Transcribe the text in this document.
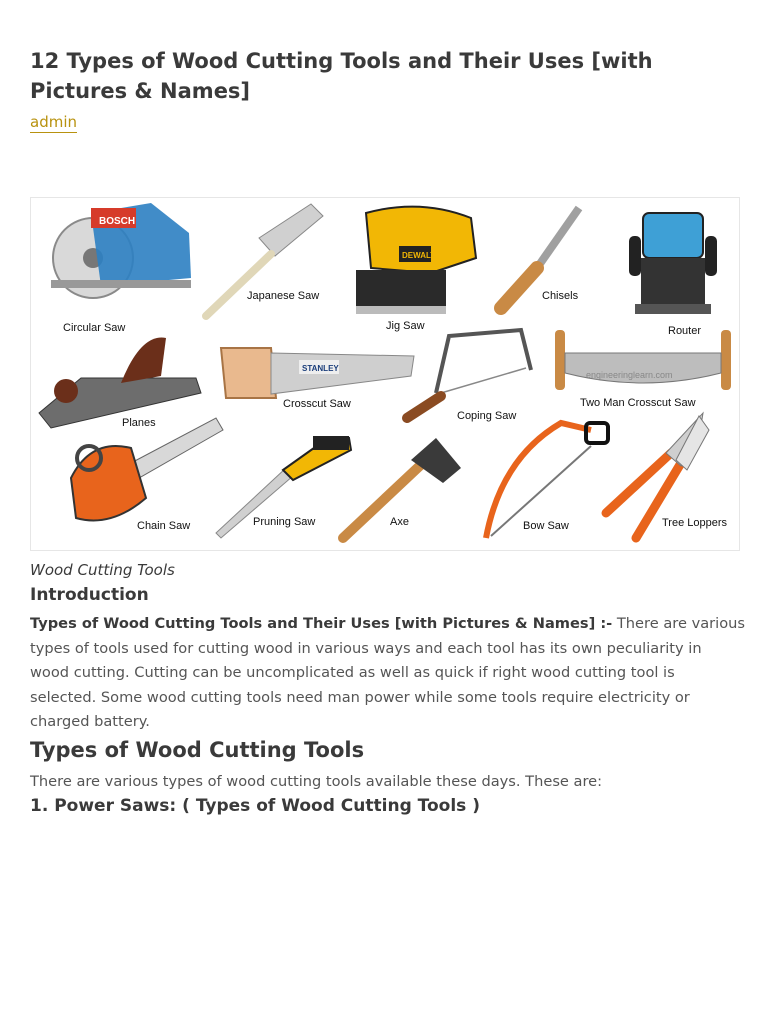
12 Types of Wood Cutting Tools and Their Uses [with Pictures & Names]
admin
BOSCH
DEWALT
STANLEY
engineeringlearn.com
Circular Saw
Japanese Saw
Jig Saw
Chisels
Router
Planes
Crosscut Saw
Coping Saw
Two Man Crosscut Saw
Chain Saw	Pruning Saw	Axe	Bow Saw	Tree Loppers
Wood Cutting Tools
Introduction

Types of Wood Cutting Tools and Their Uses [with Pictures & Names] :- There are various types of tools used for cutting wood in various ways and each tool has its own peculiarity in wood cutting. Cutting can be uncomplicated as well as quick if right wood cutting tool is selected. Some wood cutting tools need man power while some tools require electricity or charged battery.

Types of Wood Cutting Tools

There are various types of wood cutting tools available these days. These are:

1. Power Saws: ( Types of Wood Cutting Tools )
